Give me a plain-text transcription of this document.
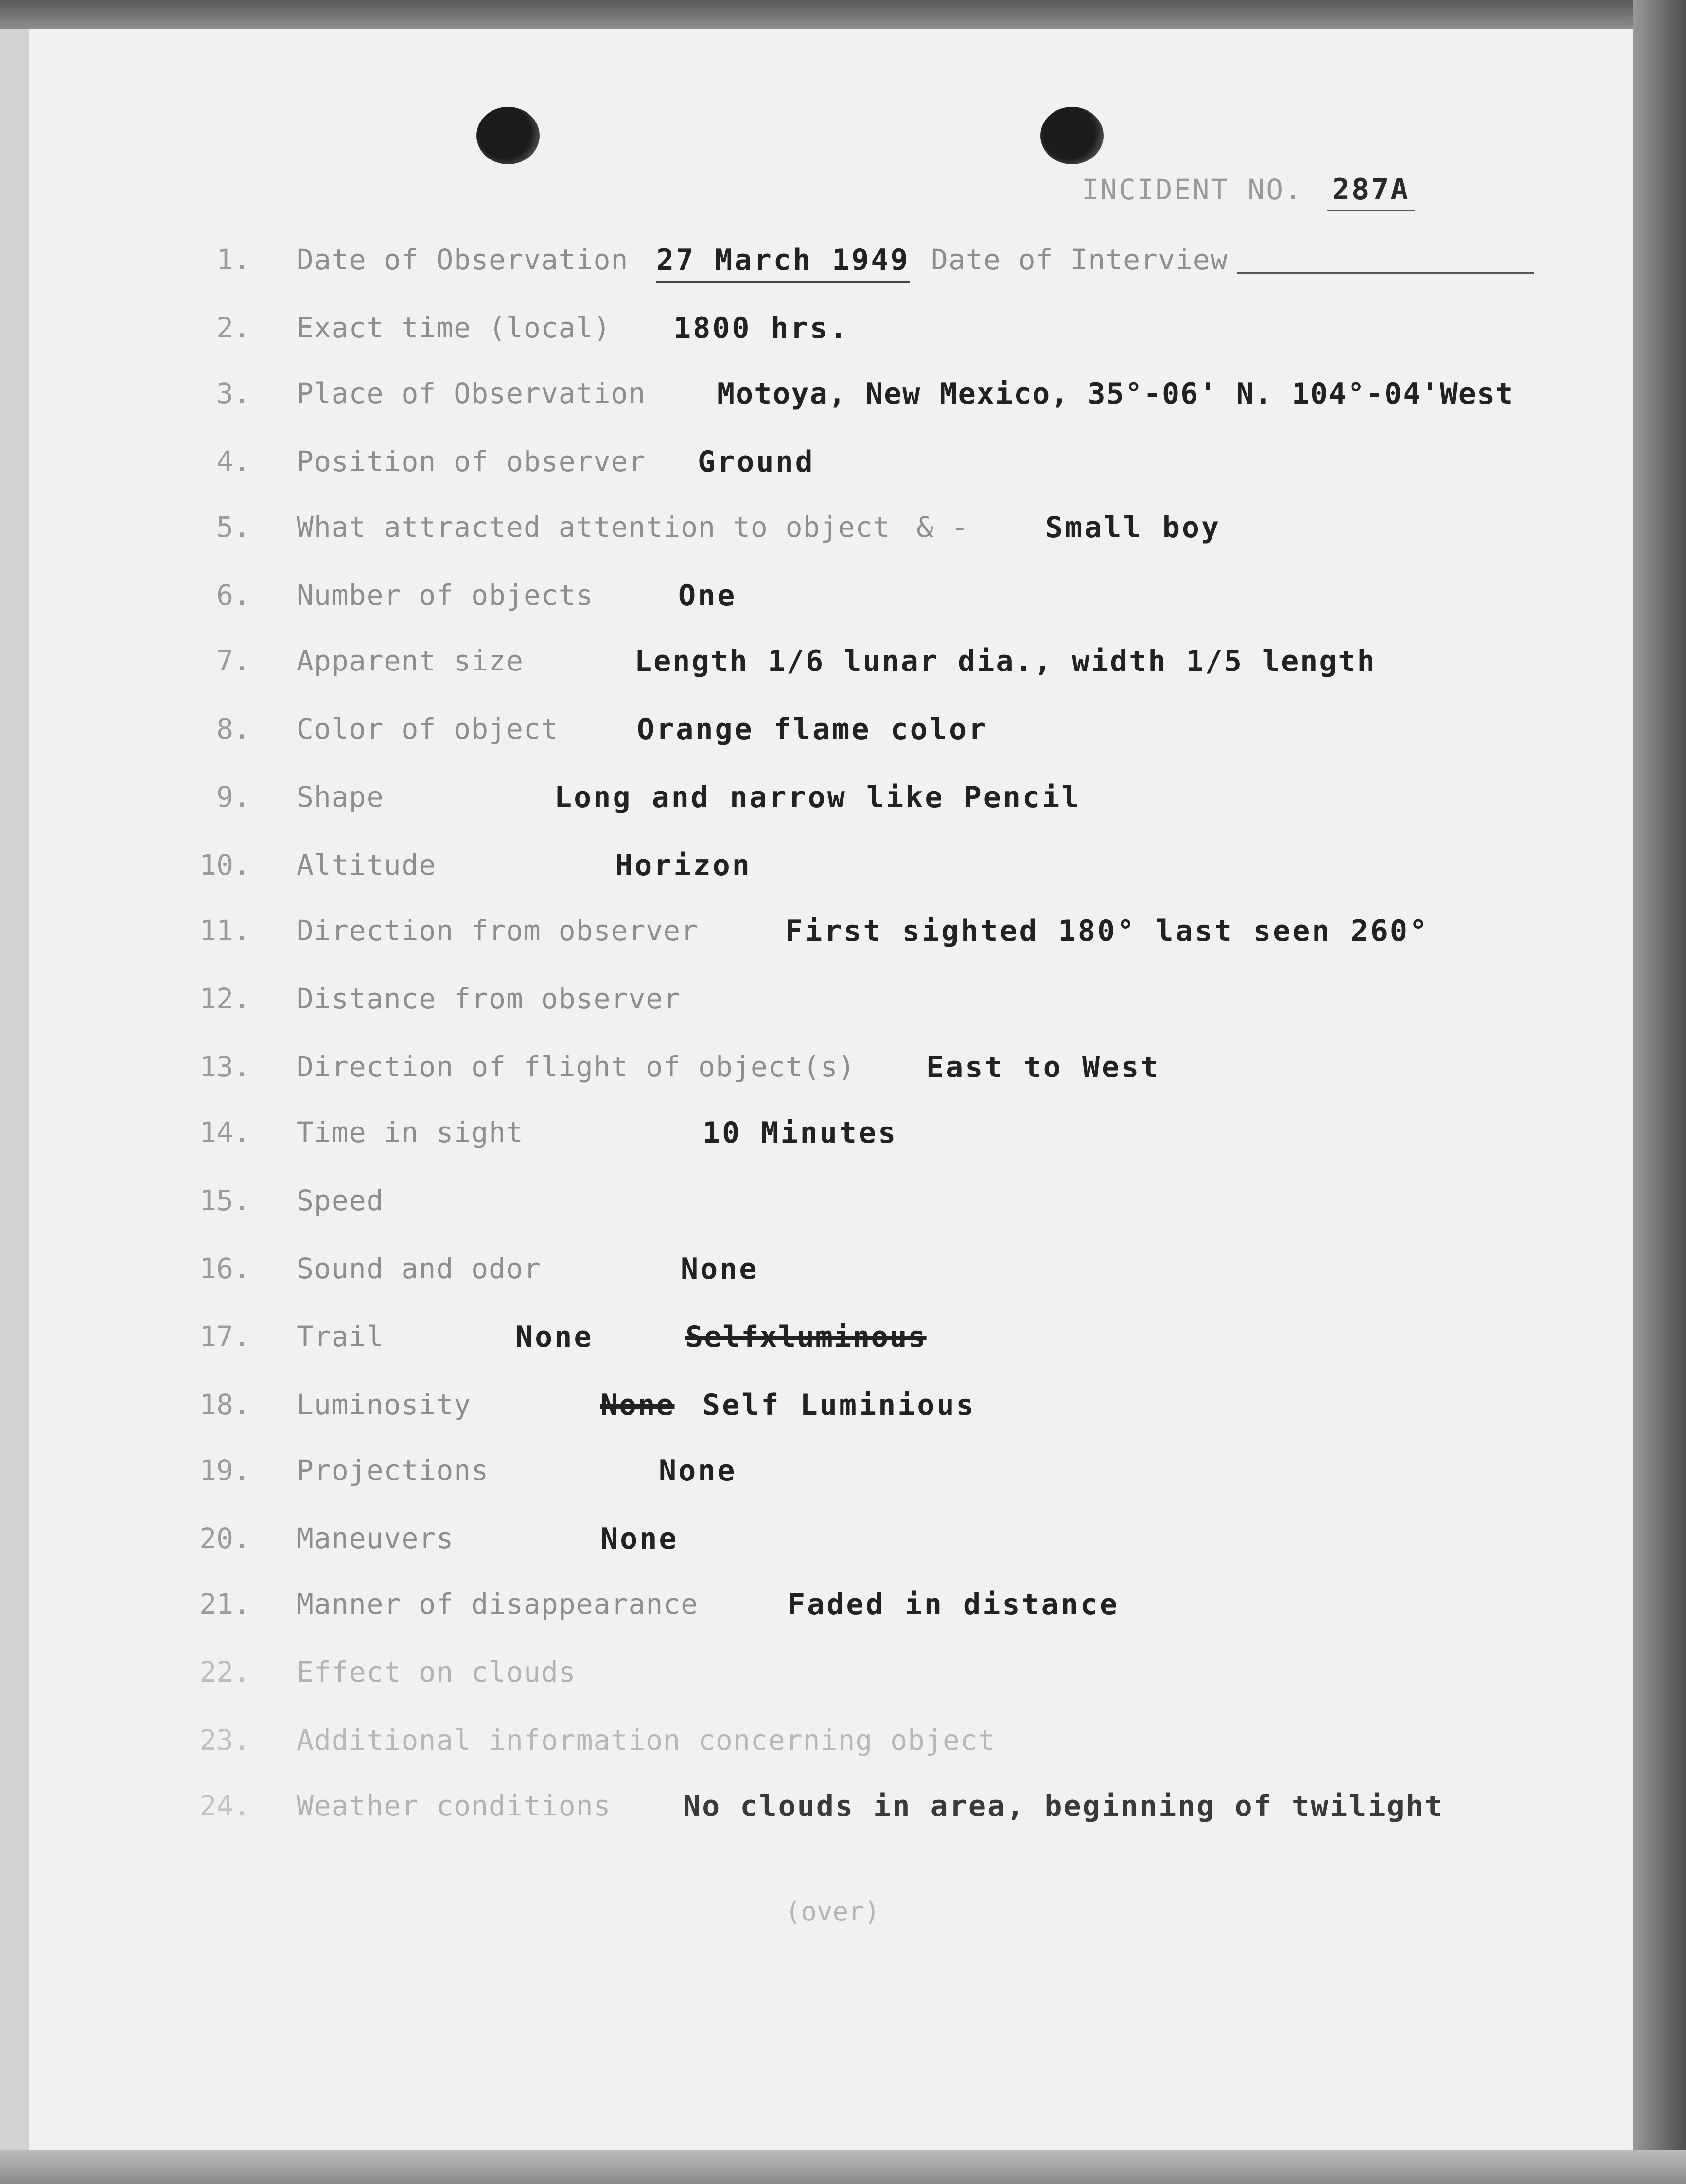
INCIDENT NO. 287A
1. Date of Observation 27 March 1949 Date of Interview
2. Exact time (local) 1800 hrs.
3. Place of Observation Motoya, New Mexico, 35°-06' N. 104°-04'West
4. Position of observer Ground
5. What attracted attention to object & -	Small boy
6. Number of objects	One
7. Apparent size	Length 1/6 lunar dia., width 1/5 length
8. Color of object	Orange flame color
9. Shape	Long and narrow like Pencil
10. Altitude	Horizon
11. Direction from observer	First sighted 180° last seen 260°
12. Distance from observer
13. Direction of flight of object(s) East to West
14. Time in sight	10 Minutes
15. Speed
16. Sound and odor	None
17. Trail	None	Selfxluminous
18. Luminosity	None Self Luminious
19. Projections	None
20. Maneuvers	None
21. Manner of disappearance	Faded in distance
22. Effect on clouds
23. Additional information concerning object
24. Weather conditions No clouds in area, beginning of twilight
(over)
